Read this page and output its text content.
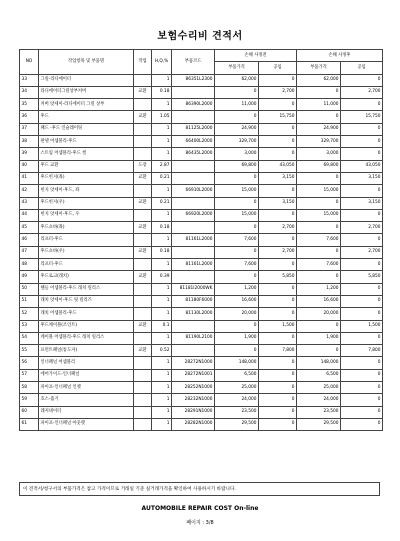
보험수리비 견적서
NO	작업항목 및 부품명	작업	H,Q,%	부품코드	손해 사정전		손해 사정후	
					부품가격	공임	부품가격	공임
33	그릴-라디에이터		1	86351L2300	62,000	0	62,000	0
34	라디에이터그릴상부커버	교환	0.18		0	2,700	0	2,700
35	커버 앗세이-라디에이터 그릴 상부		1	86390L2000	11,000	0	11,000	0
36	후드	교환	1.05		0	15,750	0	15,750
37	패드 -후드 인슐레이팅		1	81125L2000	24,900	0	24,900	0
38	판넬 어셈블리-후드		1	66400L2000	329,700	0	329,700	0
39	스트립 어셈블리-후드 씰		1	86435L2000	3,000	0	3,000	0
40	후드 교환	도장	2.87		69,800	43,050	69,800	43,050
41	후드힌지(좌)	교환	0.21		0	3,150	0	3,150
42	힌지 앗세이-후드, 좌		1	66910L2000	15,000	0	15,000	0
43	후드힌지(우)	교환	0.21		0	3,150	0	3,150
44	힌지 앗세이-후드, 우		1	66920L2000	15,000	0	15,000	0
45	후드쇼바(좌)	교환	0.18		0	2,700	0	2,700
46	리프터-후드		1	81161L2000	7,600	0	7,600	0
47	후드쇼바(우)	교환	0.18		0	2,700	0	2,700
48	리프터-후드		1	81161L2000	7,600	0	7,600	0
49	후드로크(래치)	교환	0.39		0	5,850	0	5,850
50	핸들 어셈블리-후드 래치 릴리스		1	81181l2000WK	1,200	0	1,200	0
51	래치 앗세이-후드 릿 릴리즈		1	81180F6000	16,600	0	16,600	0
52	래치 어셈블리-후드		1	81130L2000	20,000	0	20,000	0
53	후드케이블(조인트)	교환	0.1		0	1,500	0	1,500
54	케이블 어셈블리-후드 래치 릴리스		1	81190L2100	1,900	0	1,900	0
55	프런트패널(통도자)	교환	0.52		0	7,800	0	7,800
56	인너패널 어셈블리		1	28272N1000	148,000	0	148,000	0
57	에어가이드-인너패널		1	28272N1001	6,500	0	6,500	0
58	파이프-인너패널 인젯		1	28252N1000	25,000	0	25,000	0
59	호스-흡기		1	28232N1000	24,000	0	24,000	0
60	레저네이터		1	28291N1000	23,500	0	23,500	0
61	파이프-인너패널 아웃렛		1	28282N1000	29,500	0	29,500	0
이 견적서/청구서의 부품가격은 참고 가격이므로 거래일 기준 실거래가격을 확인하여 사용하시기 바랍니다.
AUTOMOBILE REPAIR COST On-line
페이지 : 3/8
